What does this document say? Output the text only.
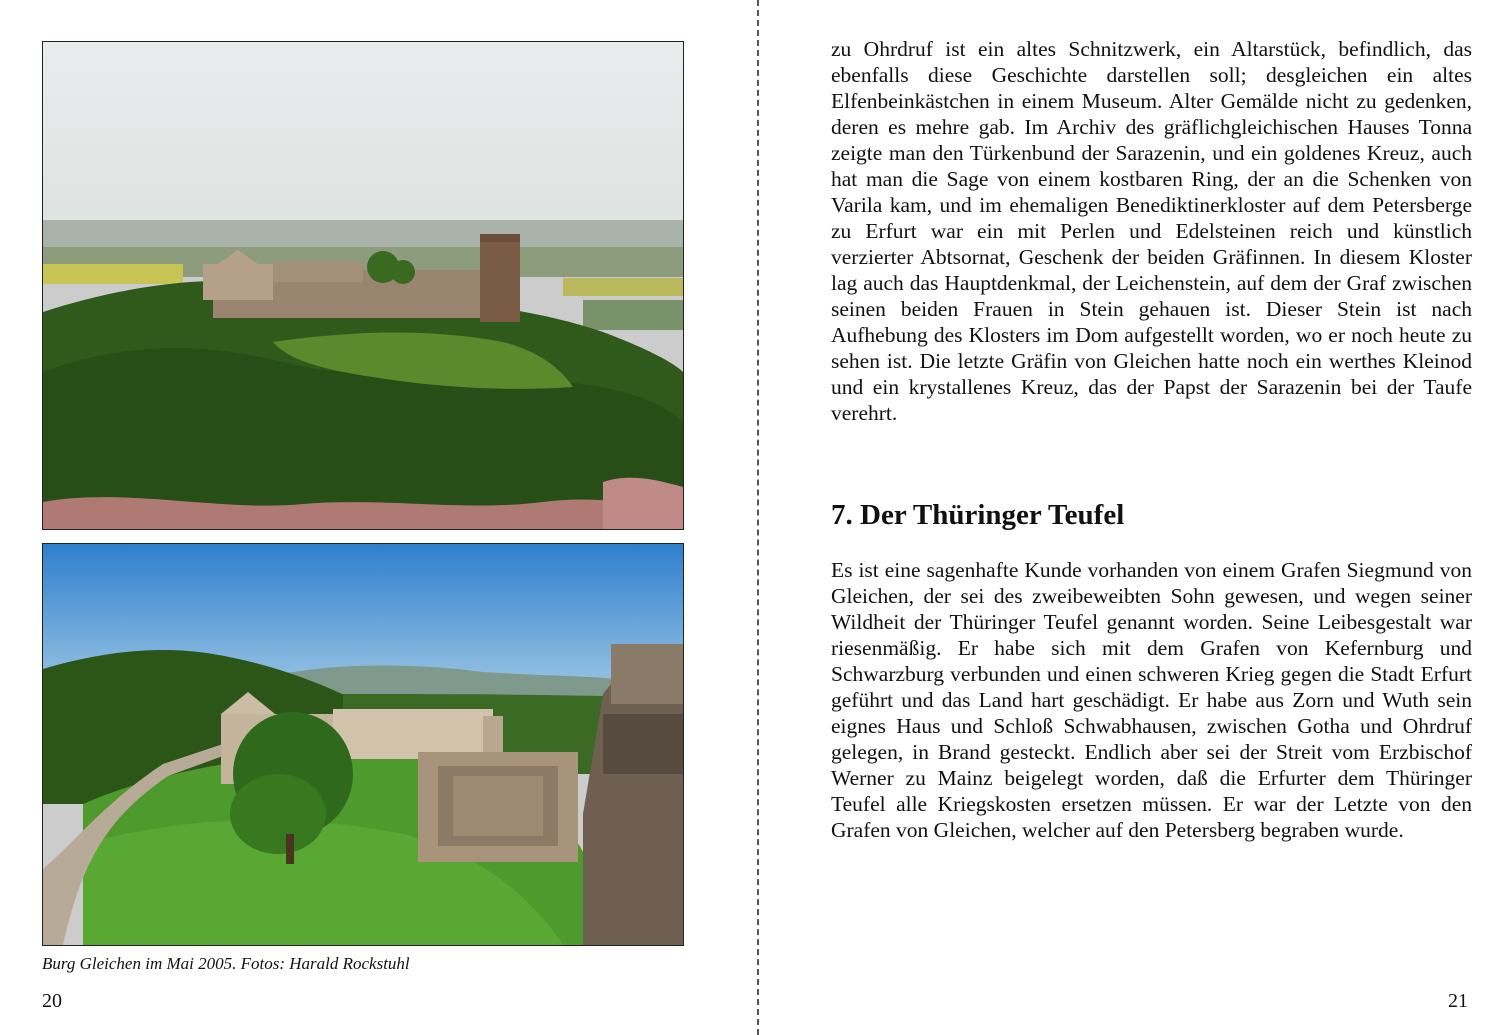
Burg Gleichen im Mai 2005. Fotos: Harald Rockstuhl
20

zu Ohrdruf ist ein altes Schnitzwerk, ein Altarstück, befindlich, das ebenfalls diese Geschichte darstellen soll; desgleichen ein altes Elfenbeinkästchen in einem Museum. Alter Gemälde nicht zu gedenken, deren es mehre gab. Im Archiv des gräflichgleichischen Hauses Tonna zeigte man den Türkenbund der Sarazenin, und ein goldenes Kreuz, auch hat man die Sage von einem kostbaren Ring, der an die Schenken von Varila kam, und im ehemaligen Benediktinerkloster auf dem Petersberge zu Erfurt war ein mit Perlen und Edelsteinen reich und künstlich verzierter Abtsornat, Geschenk der beiden Gräfinnen. In diesem Kloster lag auch das Hauptdenkmal, der Leichenstein, auf dem der Graf zwischen seinen beiden Frauen in Stein gehauen ist. Dieser Stein ist nach Aufhebung des Klosters im Dom aufgestellt worden, wo er noch heute zu sehen ist. Die letzte Gräfin von Gleichen hatte noch ein werthes Kleinod und ein krystallenes Kreuz, das der Papst der Sarazenin bei der Taufe verehrt.

7. Der Thüringer Teufel

Es ist eine sagenhafte Kunde vorhanden von einem Grafen Siegmund von Gleichen, der sei des zweibeweibten Sohn gewesen, und wegen seiner Wildheit der Thüringer Teufel genannt worden. Seine Leibesgestalt war riesenmäßig. Er habe sich mit dem Grafen von Kefernburg und Schwarzburg verbunden und einen schweren Krieg gegen die Stadt Erfurt geführt und das Land hart geschädigt. Er habe aus Zorn und Wuth sein eignes Haus und Schloß Schwabhausen, zwischen Gotha und Ohrdruf gelegen, in Brand gesteckt. Endlich aber sei der Streit vom Erzbischof Werner zu Mainz beigelegt worden, daß die Erfurter dem Thüringer Teufel alle Kriegskosten ersetzen müssen. Er war der Letzte von den Grafen von Gleichen, welcher auf den Petersberg begraben wurde.

21
